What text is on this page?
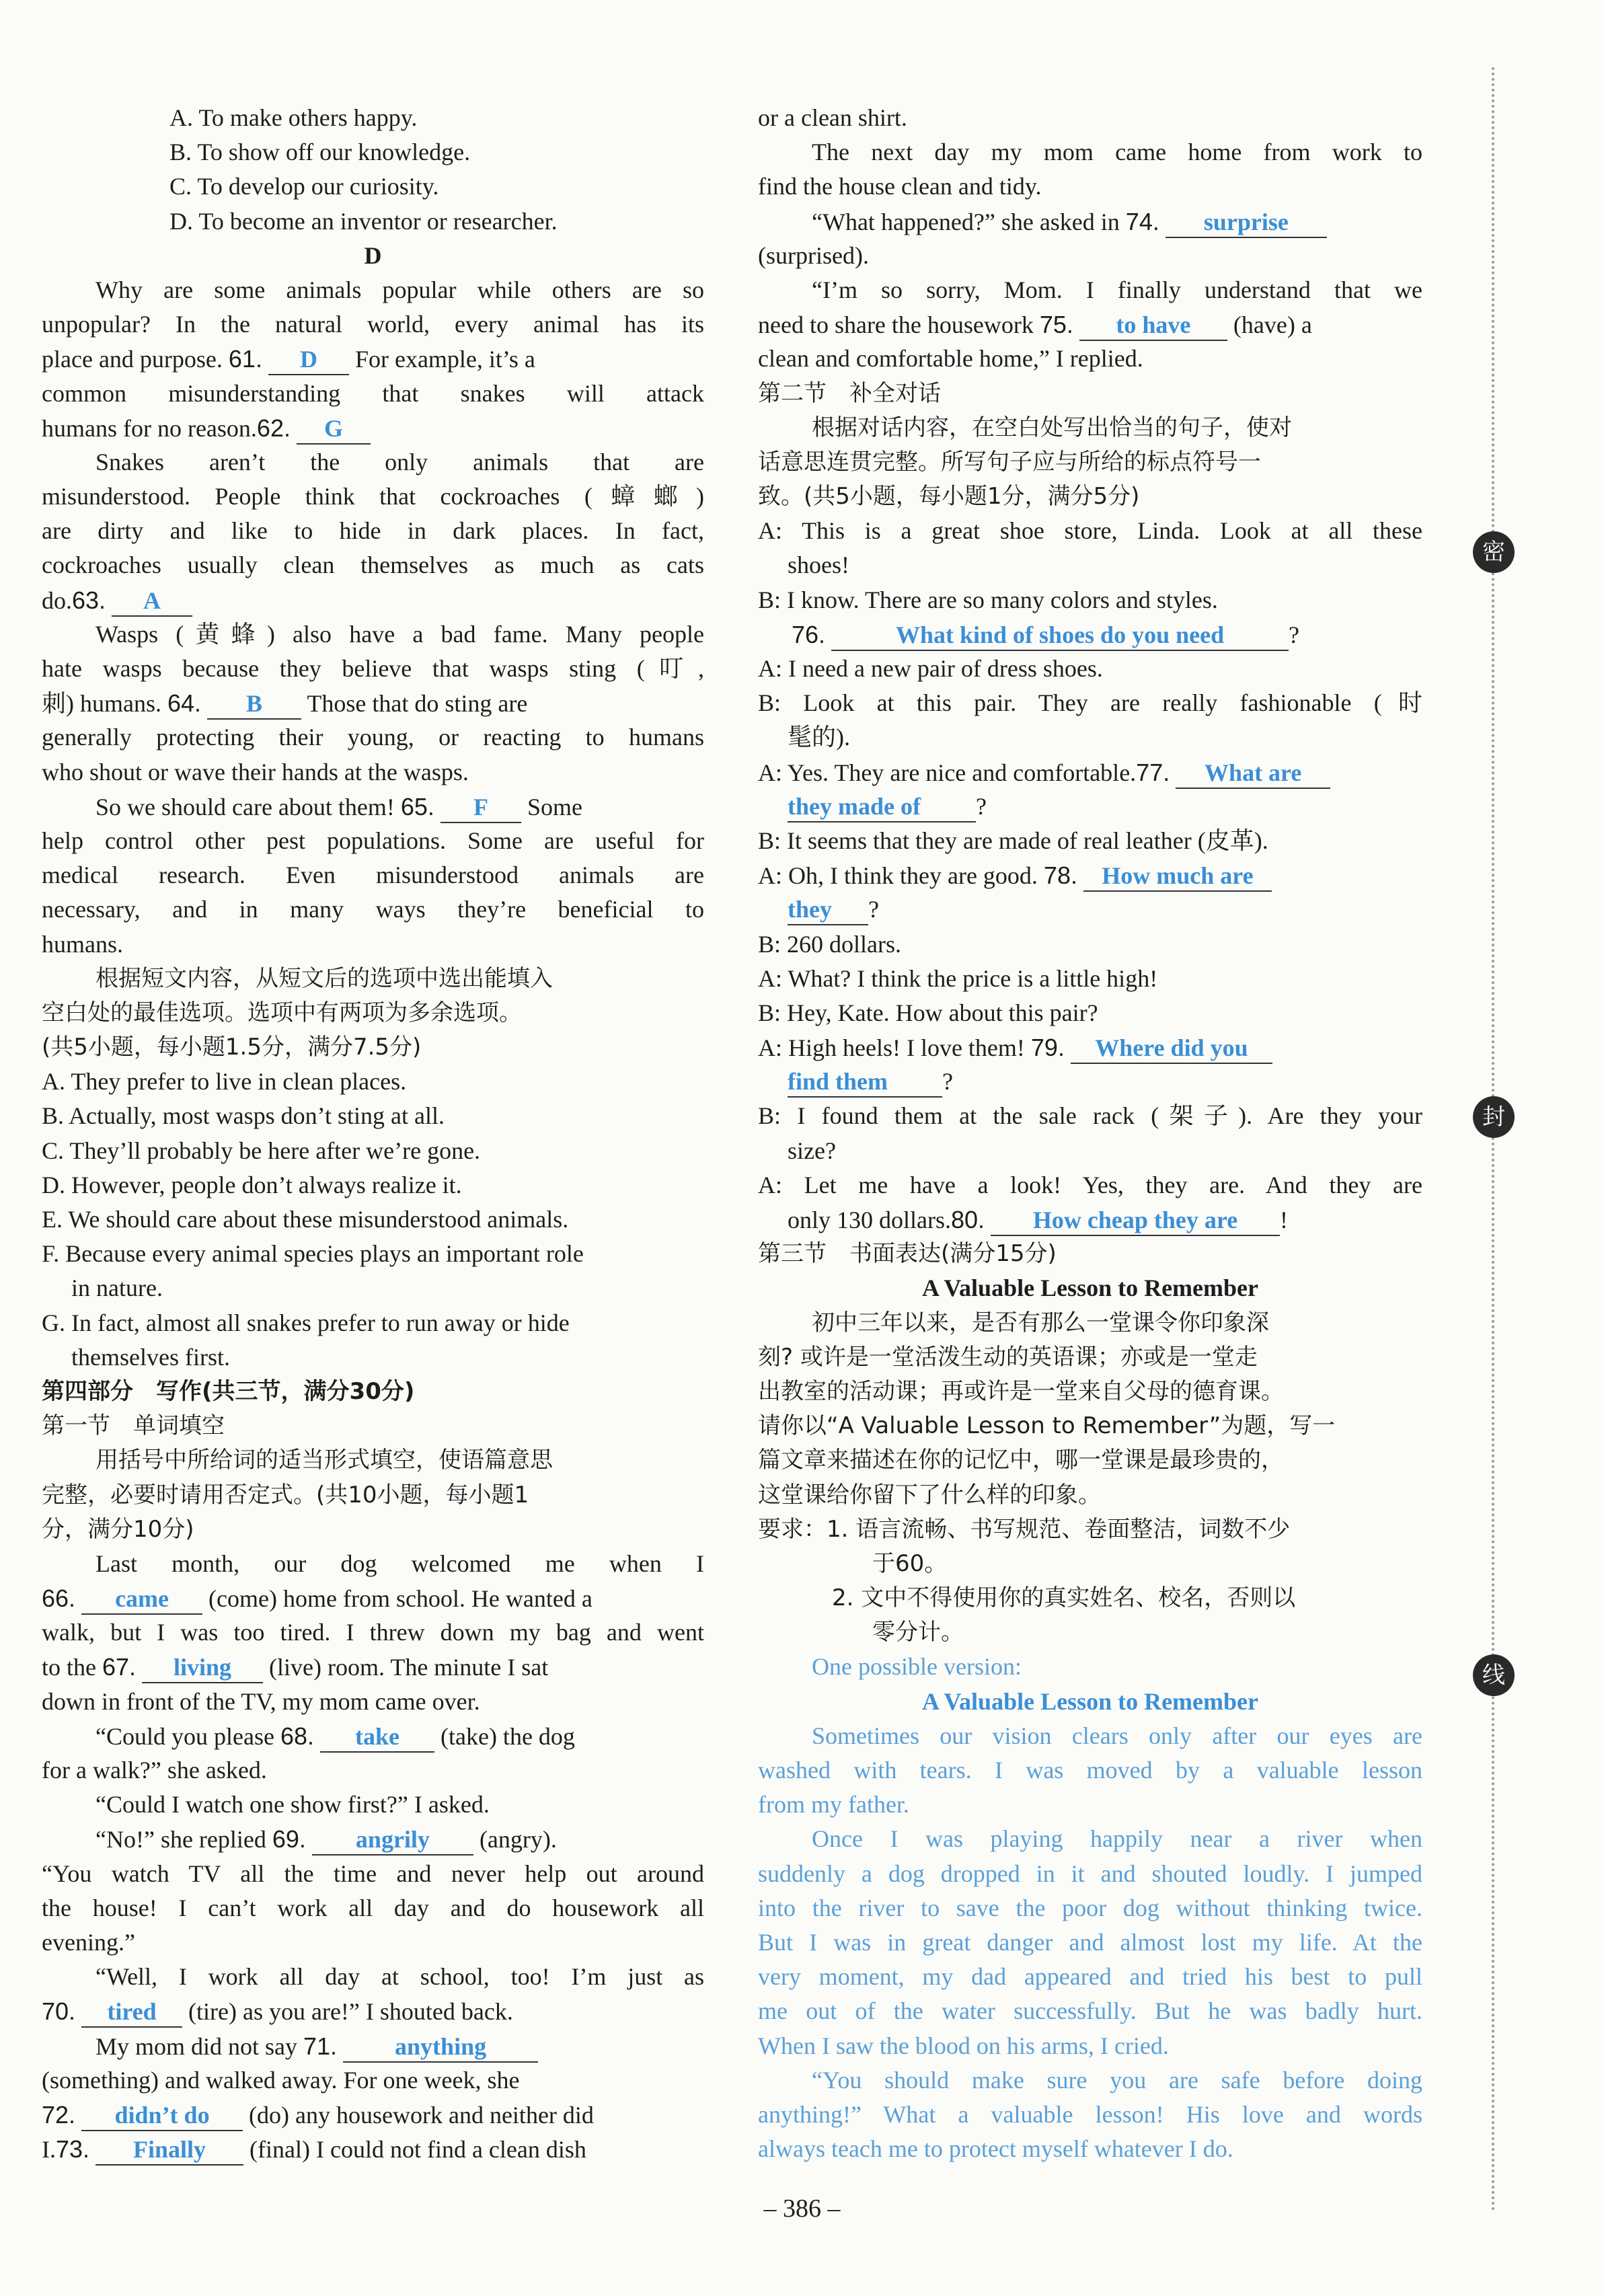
密
封
线
A. To make others happy.
B. To show off our knowledge.
C. To develop our curiosity.
D. To become an inventor or researcher.
D
Why are some animals popular while others are so
unpopular? In the natural world, every animal has its
place and purpose. 61. D For example, it’s a
common misunderstanding that snakes will attack
humans for no reason.62. G
Snakes aren’t the only animals that are
misunderstood. People think that cockroaches (蟑螂)
are dirty and like to hide in dark places. In fact,
cockroaches usually clean themselves as much as cats
do.63. A
Wasps (黄蜂) also have a bad fame. Many people
hate wasps because they believe that wasps sting (叮,
刺) humans. 64. B Those that do sting are
generally protecting their young, or reacting to humans
who shout or wave their hands at the wasps.
So we should care about them! 65. F Some
help control other pest populations. Some are useful for
medical research. Even misunderstood animals are
necessary, and in many ways they’re beneficial to
humans.
根据短文内容，从短文后的选项中选出能填入
空白处的最佳选项。选项中有两项为多余选项。
(共5小题，每小题1.5分，满分7.5分)
A. They prefer to live in clean places.
B. Actually, most wasps don’t sting at all.
C. They’ll probably be here after we’re gone.
D. However, people don’t always realize it.
E. We should care about these misunderstood animals.
F. Because every animal species plays an important role
in nature.
G. In fact, almost all snakes prefer to run away or hide
themselves first.
第四部分　写作(共三节，满分30分)
第一节　单词填空
用括号中所给词的适当形式填空，使语篇意思
完整，必要时请用否定式。(共10小题，每小题1
分，满分10分)
Last month, our dog welcomed me when I
66. came (come) home from school. He wanted a
walk, but I was too tired. I threw down my bag and went
to the 67. living (live) room. The minute I sat
down in front of the TV, my mom came over.
“Could you please 68. take (take) the dog
for a walk?” she asked.
“Could I watch one show first?” I asked.
“No!” she replied 69. angrily (angry).
“You watch TV all the time and never help out around
the house! I can’t work all day and do housework all
evening.”
“Well, I work all day at school, too! I’m just as
70. tired (tire) as you are!” I shouted back.
My mom did not say 71. anything
(something) and walked away. For one week, she
72. didn’t do (do) any housework and neither did
I.73. Finally (final) I could not find a clean dish
or a clean shirt.
The next day my mom came home from work to
find the house clean and tidy.
“What happened?” she asked in 74. surprise
(surprised).
“I’m so sorry, Mom. I finally understand that we
need to share the housework 75. to have (have) a
clean and comfortable home,” I replied.
第二节　补全对话
根据对话内容，在空白处写出恰当的句子，使对
话意思连贯完整。所写句子应与所给的标点符号一
致。(共5小题，每小题1分，满分5分)
A: This is a great shoe store, Linda. Look at all these
shoes!
B: I know. There are so many colors and styles.
76.	What kind of shoes do you need	?
A: I need a new pair of dress shoes.
B: Look at this pair. They are really fashionable (时
髦的).
A: Yes. They are nice and comfortable.77. What are
they made of ?
B: It seems that they are made of real leather (皮革).
A: Oh, I think they are good. 78. How much are
they ?
B: 260 dollars.
A: What? I think the price is a little high!
B: Hey, Kate. How about this pair?
A: High heels! I love them! 79. Where did you
find them ?
B: I found them at the sale rack (架子). Are they your
size?
A: Let me have a look! Yes, they are. And they are
only 130 dollars.80. How cheap they are !
第三节　书面表达(满分15分)
A Valuable Lesson to Remember
初中三年以来，是否有那么一堂课令你印象深
刻? 或许是一堂活泼生动的英语课；亦或是一堂走
出教室的活动课；再或许是一堂来自父母的德育课。
请你以“A Valuable Lesson to Remember”为题，写一
篇文章来描述在你的记忆中，哪一堂课是最珍贵的，
这堂课给你留下了什么样的印象。
要求：1. 语言流畅、书写规范、卷面整洁，词数不少
于60。
2. 文中不得使用你的真实姓名、校名，否则以
零分计。
One possible version:
A Valuable Lesson to Remember
Sometimes our vision clears only after our eyes are
washed with tears. I was moved by a valuable lesson
from my father.
Once I was playing happily near a river when
suddenly a dog dropped in it and shouted loudly. I jumped
into the river to save the poor dog without thinking twice.
But I was in great danger and almost lost my life. At the
very moment, my dad appeared and tried his best to pull
me out of the water successfully. But he was badly hurt.
When I saw the blood on his arms, I cried.
“You should make sure you are safe before doing
anything!” What a valuable lesson! His love and words
always teach me to protect myself whatever I do.
– 386 –
